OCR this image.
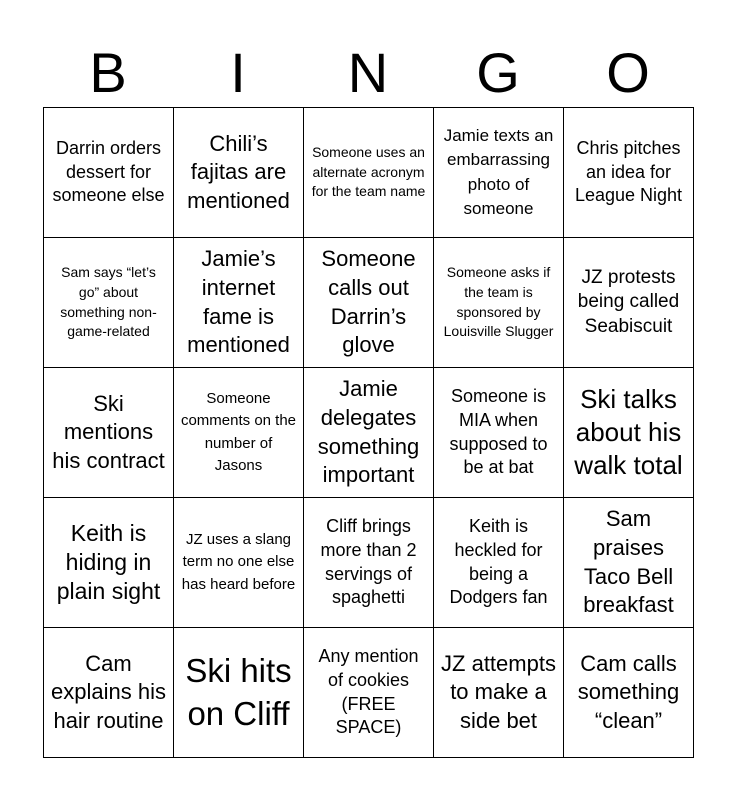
B	I	N	G	O
Darrin orders dessert for someone else
Chili’s fajitas are mentioned
Someone uses an alternate acronym for the team name
Jamie texts an embarrassing photo of someone
Chris pitches an idea for League Night
Sam says “let’s go” about something non-game-related
Jamie’s internet fame is mentioned
Someone calls out Darrin’s glove
Someone asks if the team is sponsored by Louisville Slugger
JZ protests being called Seabiscuit
Ski mentions his contract
Someone comments on the number of Jasons
Jamie delegates something important
Someone is MIA when supposed to be at bat
Ski talks about his walk total
Keith is hiding in plain sight
JZ uses a slang term no one else has heard before
Cliff brings more than 2 servings of spaghetti
Keith is heckled for being a Dodgers fan
Sam praises Taco Bell breakfast
Cam explains his hair routine
Ski hits on Cliff
Any mention of cookies (FREE SPACE)
JZ attempts to make a side bet
Cam calls something “clean”
